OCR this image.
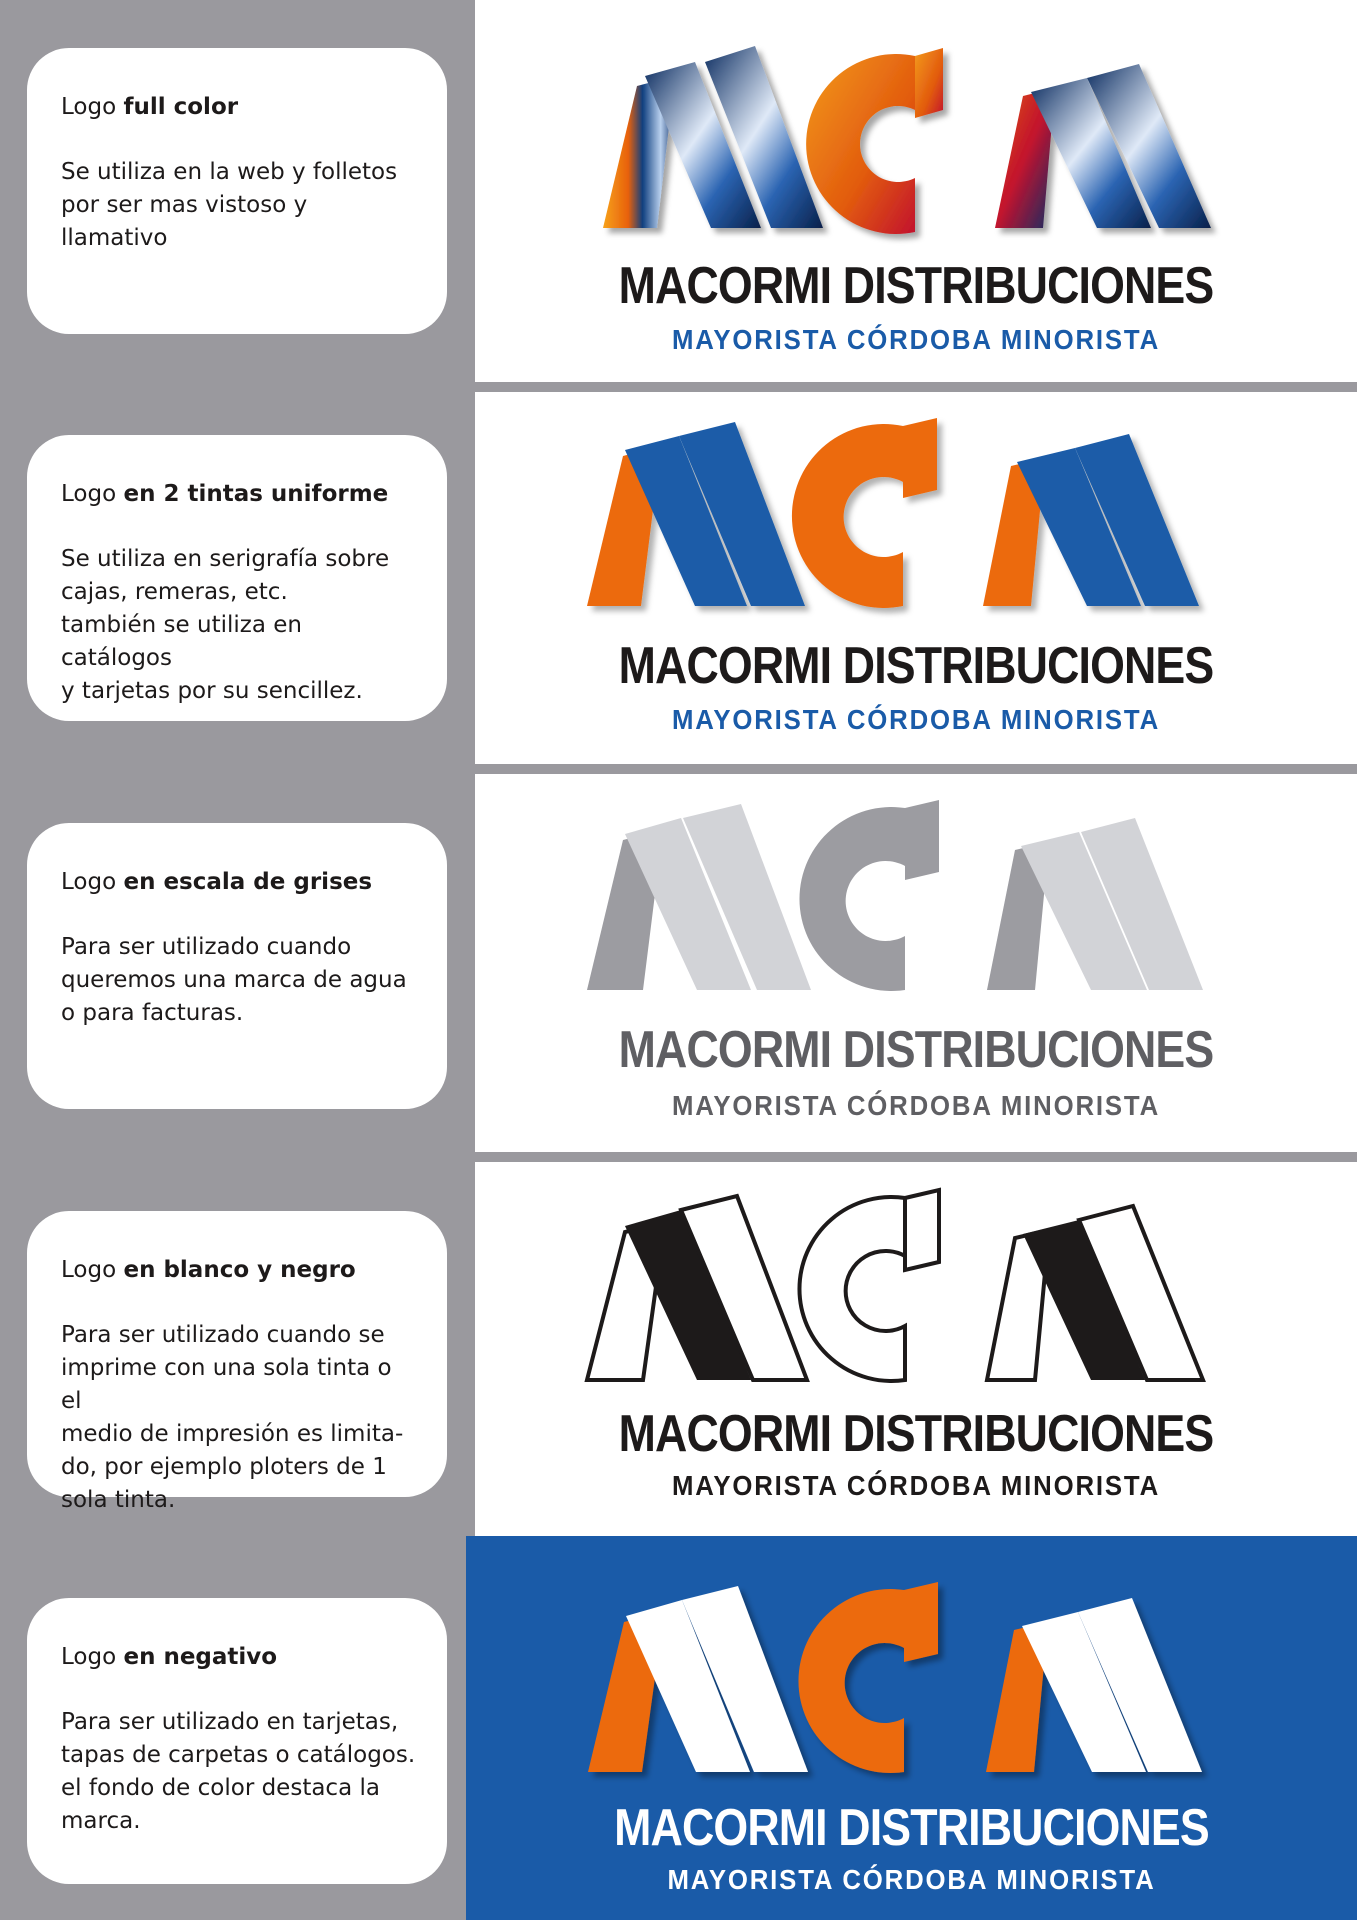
Logo full color

Se utiliza en la web y folletos
por ser mas vistoso y llamativo

Logo en 2 tintas uniforme

Se utiliza en serigrafía sobre
cajas, remeras, etc.
también se utiliza en catálogos
y tarjetas por su sencillez.

Logo en escala de grises

Para ser utilizado cuando
queremos una marca de agua
o para facturas.

Logo en blanco y negro

Para ser utilizado cuando se
imprime con una sola tinta o el
medio de impresión es limita-
do, por ejemplo ploters de 1
sola tinta.

Logo en negativo

Para ser utilizado en tarjetas,
tapas de carpetas o catálogos.
el fondo de color destaca la
marca.

MACORMI DISTRIBUCIONES
MAYORISTA CÓRDOBA MINORISTA
MACORMI DISTRIBUCIONES
MAYORISTA CÓRDOBA MINORISTA
MACORMI DISTRIBUCIONES
MAYORISTA CÓRDOBA MINORISTA
MACORMI DISTRIBUCIONES
MAYORISTA CÓRDOBA MINORISTA
MACORMI DISTRIBUCIONES
MAYORISTA CÓRDOBA MINORISTA
